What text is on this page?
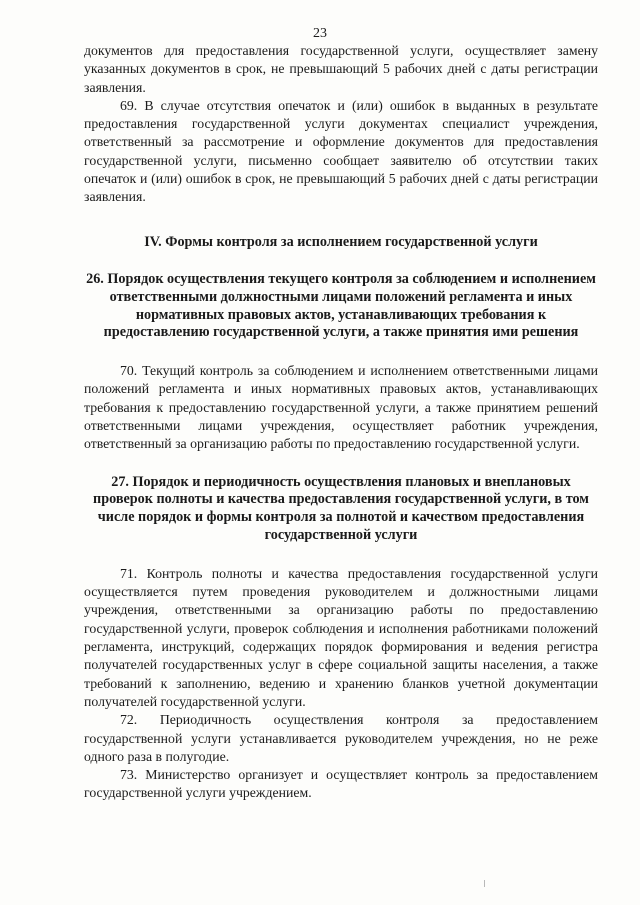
23

документов для предоставления государственной услуги, осуществляет замену указанных документов в срок, не превышающий 5 рабочих дней с даты регистрации заявления.

69. В случае отсутствия опечаток и (или) ошибок в выданных в результате предоставления государственной услуги документах специалист учреждения, ответственный за рассмотрение и оформление документов для предоставления государственной услуги, письменно сообщает заявителю об отсутствии таких опечаток и (или) ошибок в срок, не превышающий 5 рабочих дней с даты регистрации заявления.

IV. Формы контроля за исполнением государственной услуги
26. Порядок осуществления текущего контроля за соблюдением и исполнением ответственными должностными лицами положений регламента и иных нормативных правовых актов, устанавливающих требования к предоставлению государственной услуги, а также принятия ими решения

70. Текущий контроль за соблюдением и исполнением ответственными лицами положений регламента и иных нормативных правовых актов, устанавливающих требования к предоставлению государственной услуги, а также принятием решений ответственными лицами учреждения, осуществляет работник учреждения, ответственный за организацию работы по предоставлению государственной услуги.

27. Порядок и периодичность осуществления плановых и внеплановых проверок полноты и качества предоставления государственной услуги, в том числе порядок и формы контроля за полнотой и качеством предоставления государственной услуги

71. Контроль полноты и качества предоставления государственной услуги осуществляется путем проведения руководителем и должностными лицами учреждения, ответственными за организацию работы по предоставлению государственной услуги, проверок соблюдения и исполнения работниками положений регламента, инструкций, содержащих порядок формирования и ведения регистра получателей государственных услуг в сфере социальной защиты населения, а также требований к заполнению, ведению и хранению бланков учетной документации получателей государственной услуги.

72. Периодичность осуществления контроля за предоставлением государственной услуги устанавливается руководителем учреждения, но не реже одного раза в полугодие.

73. Министерство организует и осуществляет контроль за предоставлением государственной услуги учреждением.
